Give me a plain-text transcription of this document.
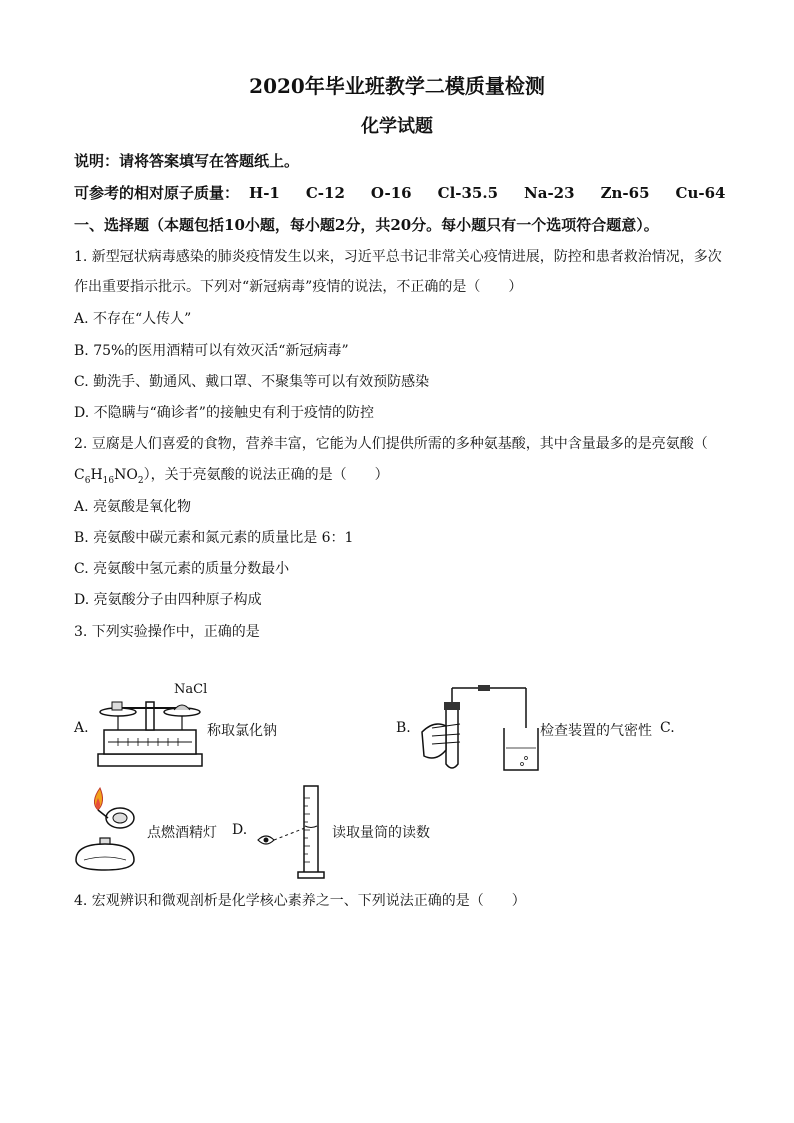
2020年毕业班教学二模质量检测
化学试题
说明：请将答案填写在答题纸上。
可参考的相对原子质量： H-1 C-12 O-16 Cl-35.5 Na-23 Zn-65 Cu-64
一、选择题（本题包括10小题，每小题2分，共20分。每小题只有一个选项符合题意）。
1. 新型冠状病毒感染的肺炎疫情发生以来，习近平总书记非常关心疫情进展，防控和患者救治情况，多次
作出重要指示批示。下列对“新冠病毒”疫情的说法，不正确的是（　　）
A. 不存在“人传人”
B. 75%的医用酒精可以有效灭活“新冠病毒”
C. 勤洗手、勤通风、戴口罩、不聚集等可以有效预防感染
D. 不隐瞒与“确诊者”的接触史有利于疫情的防控
2. 豆腐是人们喜爱的食物，营养丰富，它能为人们提供所需的多种氨基酸，其中含量最多的是亮氨酸（
$C_6H_{16}NO_2$），关于亮氨酸的说法正确的是（　　）
A. 亮氨酸是氧化物
B. 亮氨酸中碳元素和氮元素的质量比是 6：1
C. 亮氨酸中氢元素的质量分数最小
D. 亮氨酸分子由四种原子构成
3. 下列实验操作中，正确的是
A.
NaCl
称取氯化钠	B.	检查装置的气密性 C.
点燃酒精灯 D.	读取量筒的读数
4. 宏观辨识和微观剖析是化学核心素养之一、下列说法正确的是（　　）
